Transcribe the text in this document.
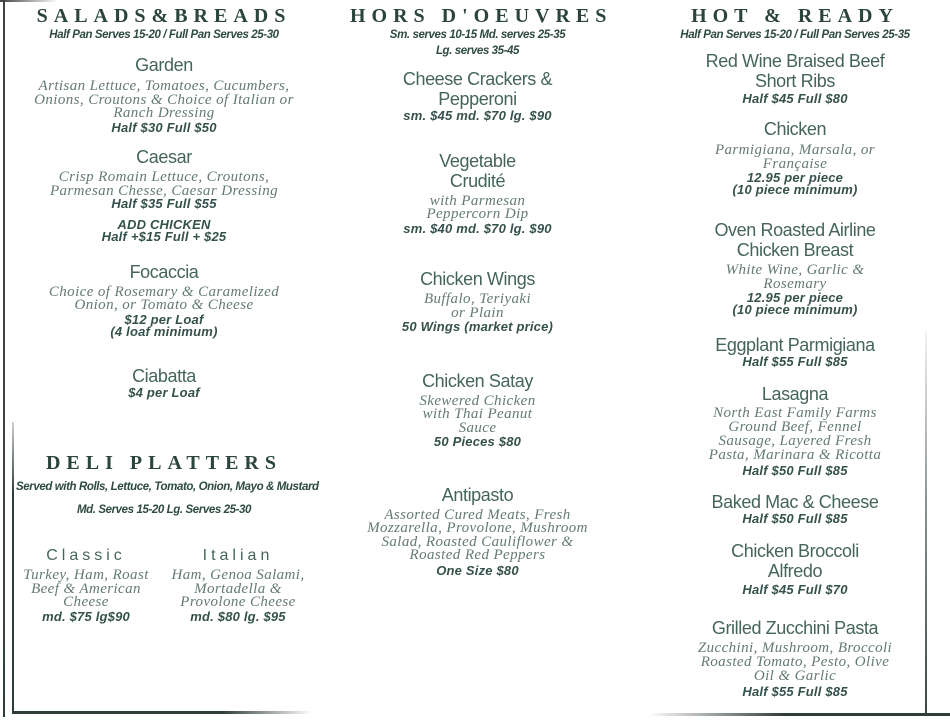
SALADS&BREADS
Half Pan Serves 15-20 / Full Pan Serves 25-30
Garden
Artisan Lettuce, Tomatoes, Cucumbers,
Onions, Croutons & Choice of Italian or
Ranch Dressing
Half $30 Full $50
Caesar
Crisp Romain Lettuce, Croutons,
Parmesan Chesse, Caesar Dressing
Half $35 Full $55
ADD CHICKEN
Half +$15 Full + $25
Focaccia
Choice of Rosemary & Caramelized
Onion, or Tomato & Cheese
$12 per Loaf
(4 loaf minimum)
Ciabatta
$4 per Loaf
DELI PLATTERS
Served with Rolls, Lettuce, Tomato, Onion, Mayo & Mustard
Md. Serves 15-20 Lg. Serves 25-30
Classic
Turkey, Ham, Roast
Beef & American
Cheese
md. $75 lg$90
Italian
Ham, Genoa Salami,
Mortadella &
Provolone Cheese
md. $80 lg. $95
HORS D'OEUVRES
Sm. serves 10-15 Md. serves 25-35
Lg. serves 35-45
Cheese Crackers &
Pepperoni
sm. $45 md. $70 lg. $90
Vegetable
Crudité
with Parmesan
Peppercorn Dip
sm. $40 md. $70 lg. $90
Chicken Wings
Buffalo, Teriyaki
or Plain
50 Wings (market price)
Chicken Satay
Skewered Chicken
with Thai Peanut
Sauce
50 Pieces $80
Antipasto
Assorted Cured Meats, Fresh
Mozzarella, Provolone, Mushroom
Salad, Roasted Cauliflower &
Roasted Red Peppers
One Size $80
HOT & READY
Half Pan Serves 15-20 / Full Pan Serves 25-35
Red Wine Braised Beef
Short Ribs
Half $45 Full $80
Chicken
Parmigiana, Marsala, or
Française
12.95 per piece
(10 piece minimum)
Oven Roasted Airline
Chicken Breast
White Wine, Garlic &
Rosemary
12.95 per piece
(10 piece minimum)
Eggplant Parmigiana
Half $55 Full $85
Lasagna
North East Family Farms
Ground Beef, Fennel
Sausage, Layered Fresh
Pasta, Marinara & Ricotta
Half $50 Full $85
Baked Mac & Cheese
Half $50 Full $85
Chicken Broccoli
Alfredo
Half $45 Full $70
Grilled Zucchini Pasta
Zucchini, Mushroom, Broccoli
Roasted Tomato, Pesto, Olive
Oil & Garlic
Half $55 Full $85
